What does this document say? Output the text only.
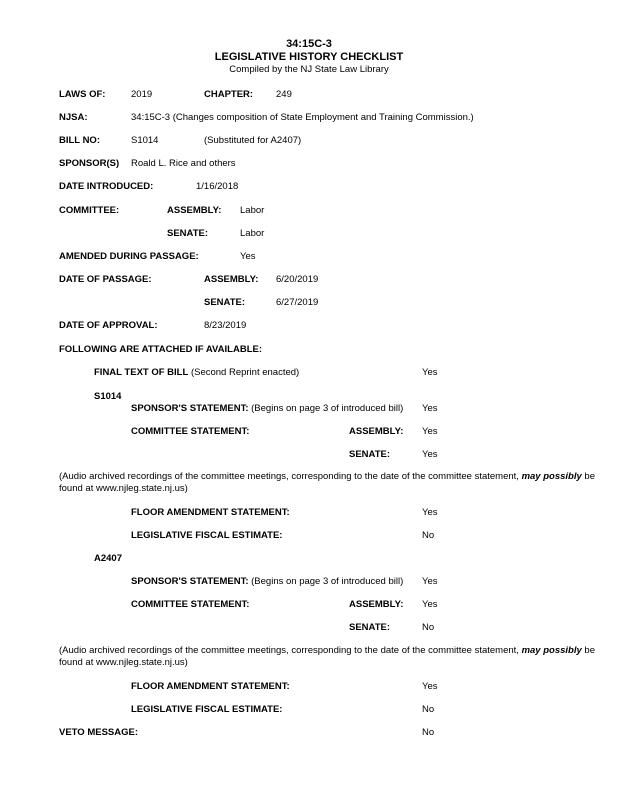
34:15C-3
LEGISLATIVE HISTORY CHECKLIST
Compiled by the NJ State Law Library
LAWS OF:	2019	CHAPTER: 249
NJSA:	34:15C-3 (Changes composition of State Employment and Training Commission.)
BILL NO:	S1014	(Substituted for A2407)
SPONSOR(S) Roald L. Rice and others
DATE INTRODUCED:	1/16/2018
COMMITTEE:	ASSEMBLY: Labor
SENATE:	Labor
AMENDED DURING PASSAGE:	Yes
DATE OF PASSAGE:	ASSEMBLY: 6/20/2019
SENATE:	6/27/2019
DATE OF APPROVAL:	8/23/2019
FOLLOWING ARE ATTACHED IF AVAILABLE:
FINAL TEXT OF BILL (Second Reprint enacted)	Yes
S1014
SPONSOR'S STATEMENT: (Begins on page 3 of introduced bill) Yes
COMMITTEE STATEMENT:	ASSEMBLY: Yes
SENATE:	Yes
(Audio archived recordings of the committee meetings, corresponding to the date of the committee statement, may possibly be found at www.njleg.state.nj.us)
FLOOR AMENDMENT STATEMENT:	Yes
LEGISLATIVE FISCAL ESTIMATE:	No
A2407
SPONSOR'S STATEMENT: (Begins on page 3 of introduced bill) Yes
COMMITTEE STATEMENT:	ASSEMBLY: Yes
SENATE:	No
(Audio archived recordings of the committee meetings, corresponding to the date of the committee statement, may possibly be found at www.njleg.state.nj.us)
FLOOR AMENDMENT STATEMENT:	Yes
LEGISLATIVE FISCAL ESTIMATE:	No
VETO MESSAGE:	No
